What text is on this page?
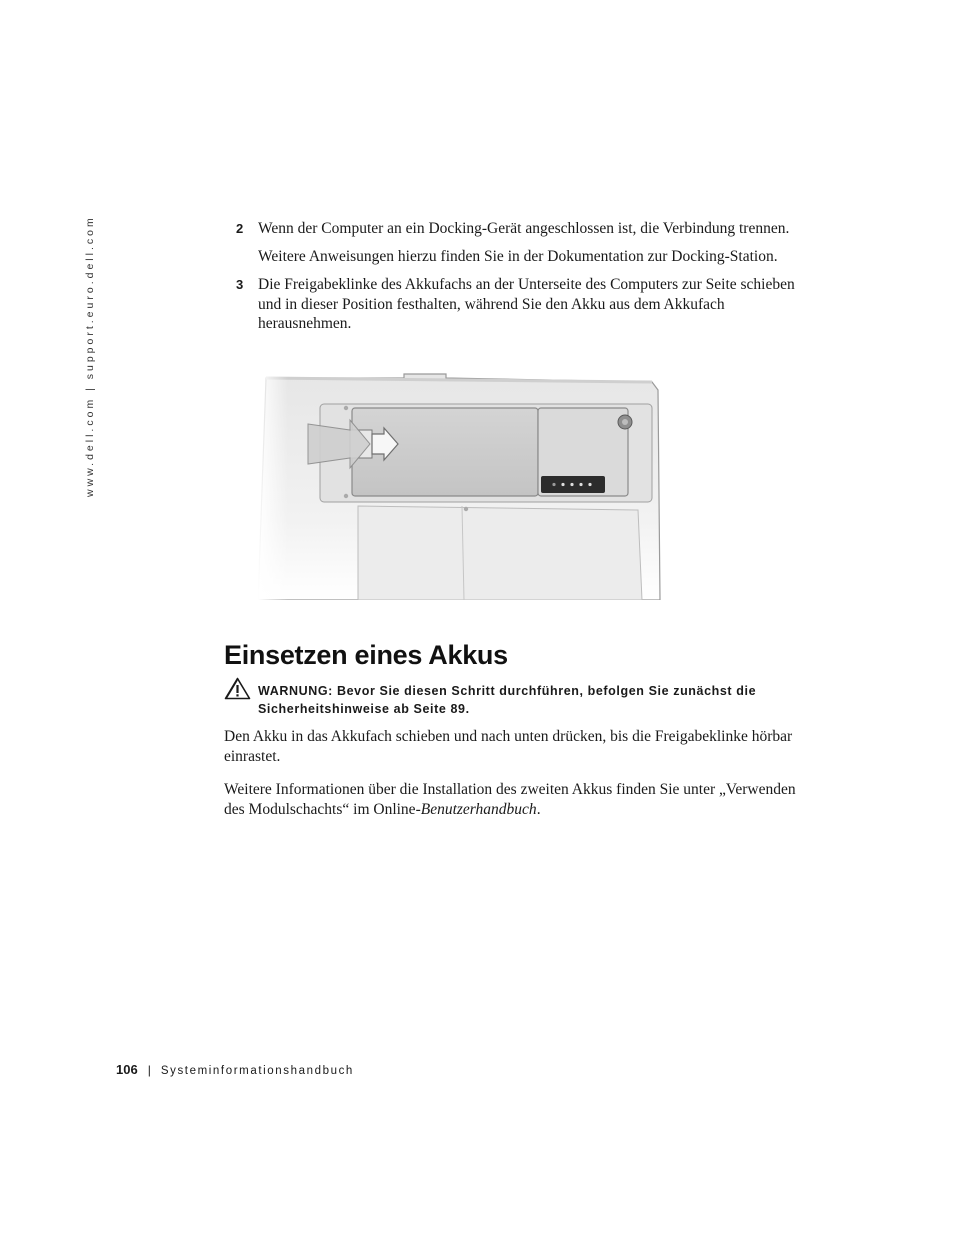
www.dell.com | support.euro.dell.com	2 Wenn der Computer an ein Docking-Gerät angeschlossen ist, die Verbindung trennen.
Weitere Anweisungen hierzu finden Sie in der Dokumentation zur Docking-Station.
3 Die Freigabeklinke des Akkufachs an der Unterseite des Computers zur Seite schieben und in dieser Position festhalten, während Sie den Akku aus dem Akkufach herausnehmen.
Einsetzen eines Akkus
WARNUNG: Bevor Sie diesen Schritt durchführen, befolgen Sie zunächst die Sicherheitshinweise ab Seite 89.

Den Akku in das Akkufach schieben und nach unten drücken, bis die Freigabeklinke hörbar einrastet.

Weitere Informationen über die Installation des zweiten Akkus finden Sie unter „Verwenden des Modulschachts“ im Online-Benutzerhandbuch.

106 | Systeminformationshandbuch
